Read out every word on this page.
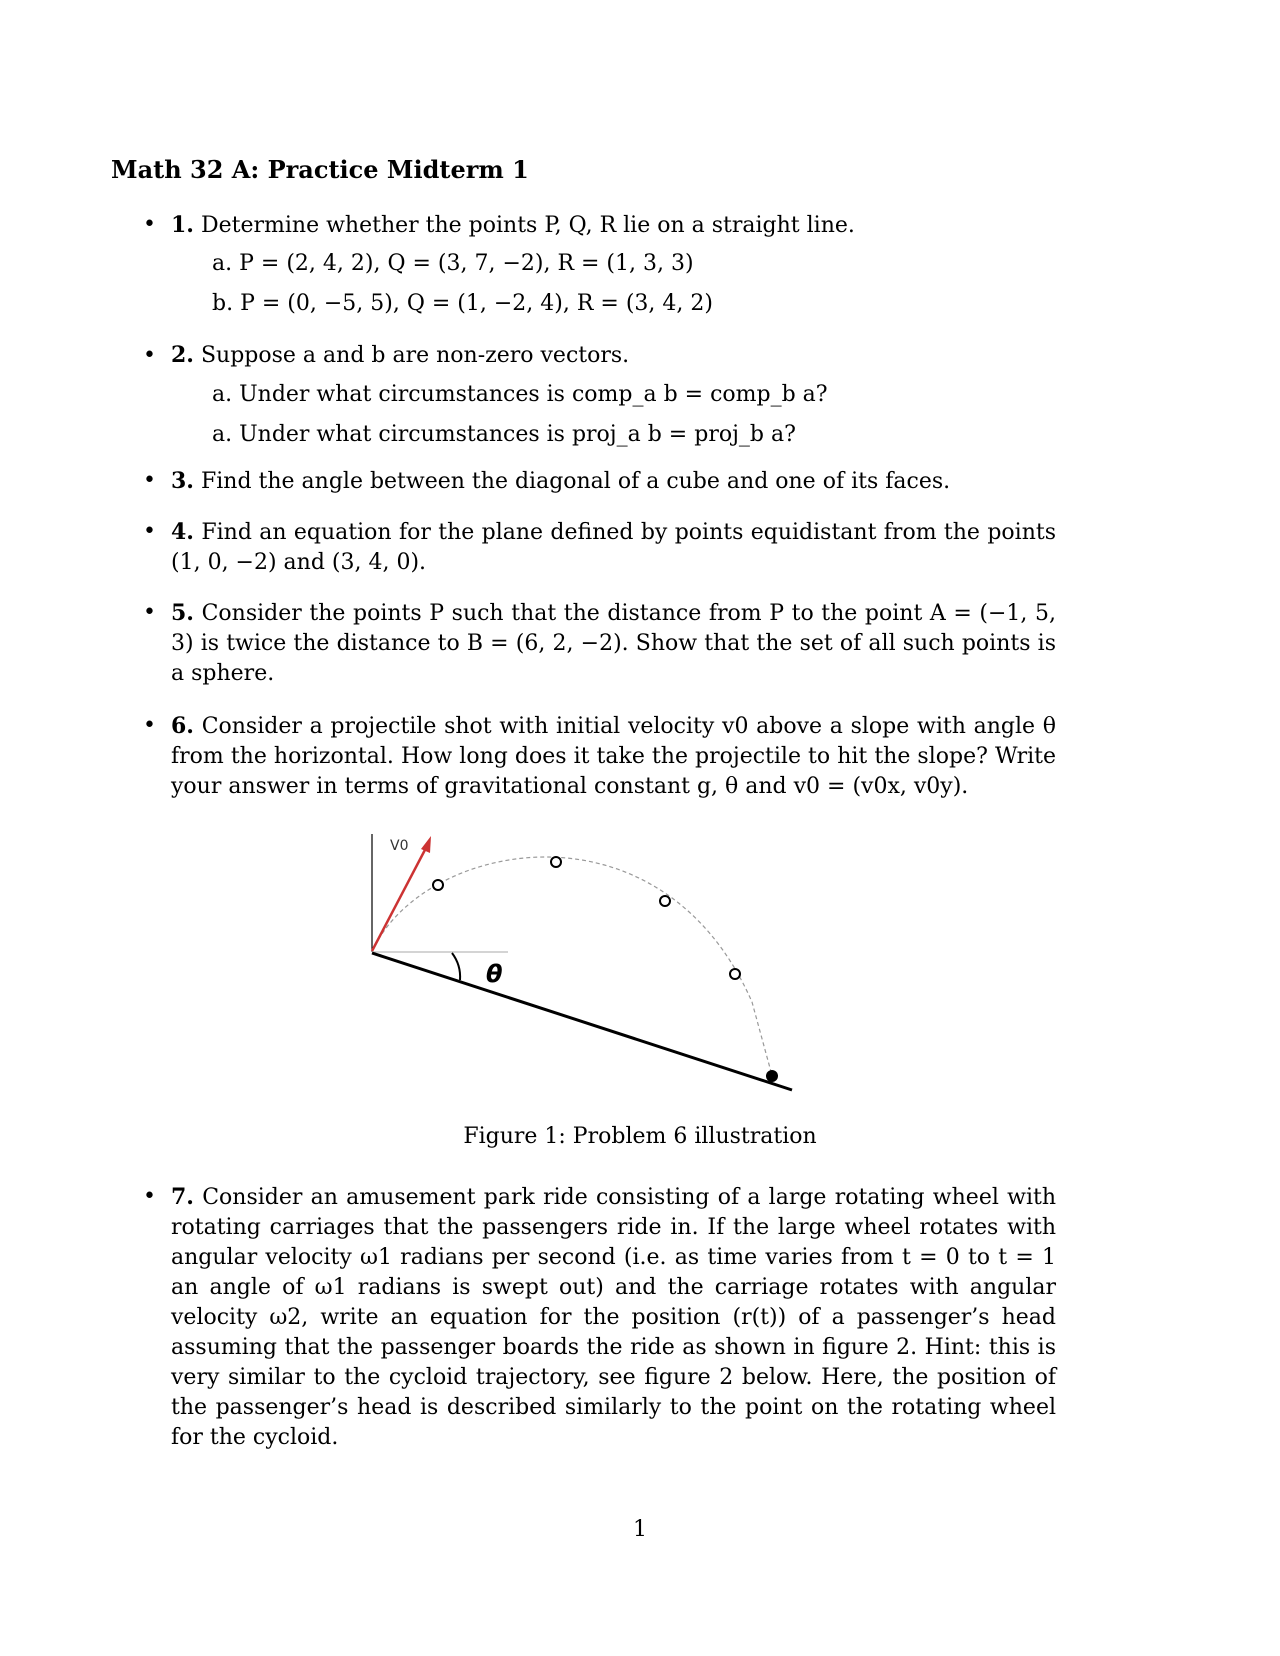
Math 32 A: Practice Midterm 1
• 1. Determine whether the points P, Q, R lie on a straight line.
a. P = (2, 4, 2), Q = (3, 7, −2), R = (1, 3, 3)
b. P = (0, −5, 5), Q = (1, −2, 4), R = (3, 4, 2)
• 2. Suppose a and b are non-zero vectors.
a. Under what circumstances is comp_a b = comp_b a?
a. Under what circumstances is proj_a b = proj_b a?
• 3. Find the angle between the diagonal of a cube and one of its faces.
• 4. Find an equation for the plane defined by points equidistant from the points (1, 0, −2) and (3, 4, 0).
• 5. Consider the points P such that the distance from P to the point A = (−1, 5, 3) is twice the distance to B = (6, 2, −2). Show that the set of all such points is a sphere.
• 6. Consider a projectile shot with initial velocity v0 above a slope with angle θ from the horizontal. How long does it take the projectile to hit the slope? Write your answer in terms of gravitational constant g, θ and v0 = (v0x, v0y).
V0
θ
Figure 1: Problem 6 illustration
• 7. Consider an amusement park ride consisting of a large rotating wheel with rotating carriages that the passengers ride in. If the large wheel rotates with angular velocity ω1 radians per second (i.e. as time varies from t = 0 to t = 1 an angle of ω1 radians is swept out) and the carriage rotates with angular velocity ω2, write an equation for the position (r(t)) of a passenger’s head assuming that the passenger boards the ride as shown in figure 2. Hint: this is very similar to the cycloid trajectory, see figure 2 below. Here, the position of the passenger’s head is described similarly to the point on the rotating wheel for the cycloid.
1
